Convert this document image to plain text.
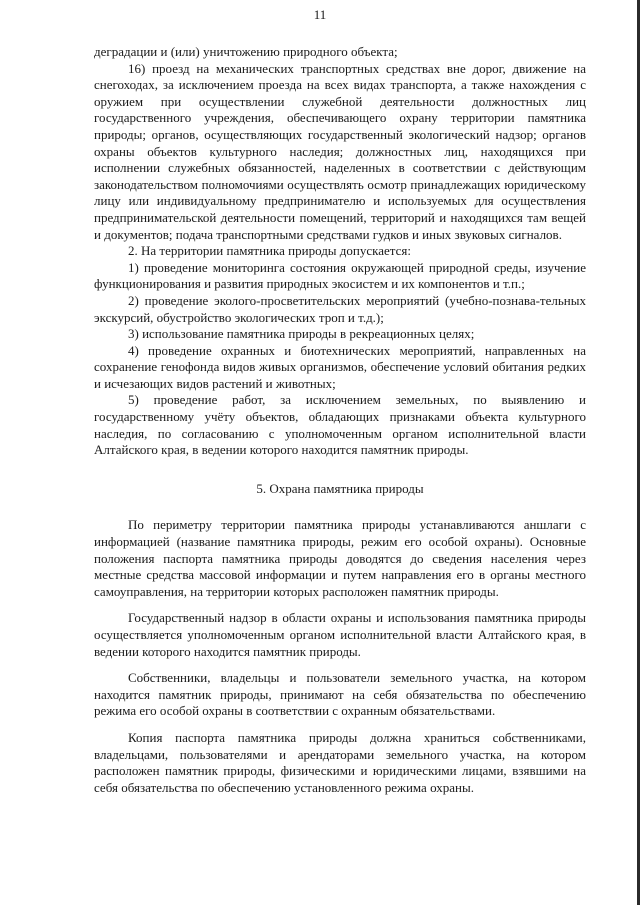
11

деградации и (или) уничтожению природного объекта;

16) проезд на механических транспортных средствах вне дорог, движение на снегоходах, за исключением проезда на всех видах транспорта, а также нахождения с оружием при осуществлении служебной деятельности должностных лиц государственного учреждения, обеспечивающего охрану территории памятника природы; органов, осуществляющих государственный экологический надзор; органов охраны объектов культурного наследия; должностных лиц, находящихся при исполнении служебных обязанностей, наделенных в соответствии с действующим законодательством полномочиями осуществлять осмотр принадлежащих юридическому лицу или индивидуальному предпринимателю и используемых для осуществления предпринимательской деятельности помещений, территорий и находящихся там вещей и документов; подача транспортными средствами гудков и иных звуковых сигналов.

2. На территории памятника природы допускается:

1) проведение мониторинга состояния окружающей природной среды, изучение функционирования и развития природных экосистем и их компонентов и т.п.;

2) проведение эколого-просветительских мероприятий (учебно-познава-тельных экскурсий, обустройство экологических троп и т.д.);

3) использование памятника природы в рекреационных целях;

4) проведение охранных и биотехнических мероприятий, направленных на сохранение генофонда видов живых организмов, обеспечение условий обитания редких и исчезающих видов растений и животных;

5) проведение работ, за исключением земельных, по выявлению и государственному учёту объектов, обладающих признаками объекта культурного наследия, по согласованию с уполномоченным органом исполнительной власти Алтайского края, в ведении которого находится памятник природы.

5. Охрана памятника природы

По периметру территории памятника природы устанавливаются аншлаги с информацией (название памятника природы, режим его особой охраны). Основные положения паспорта памятника природы доводятся до сведения населения через местные средства массовой информации и путем направления его в органы местного самоуправления, на территории которых расположен памятник природы.

Государственный надзор в области охраны и использования памятника природы осуществляется уполномоченным органом исполнительной власти Алтайского края, в ведении которого находится памятник природы.

Собственники, владельцы и пользователи земельного участка, на котором находится памятник природы, принимают на себя обязательства по обеспечению режима его особой охраны в соответствии с охранным обязательствами.

Копия паспорта памятника природы должна храниться собственниками, владельцами, пользователями и арендаторами земельного участка, на котором расположен памятник природы, физическими и юридическими лицами, взявшими на себя обязательства по обеспечению установленного режима охраны.
